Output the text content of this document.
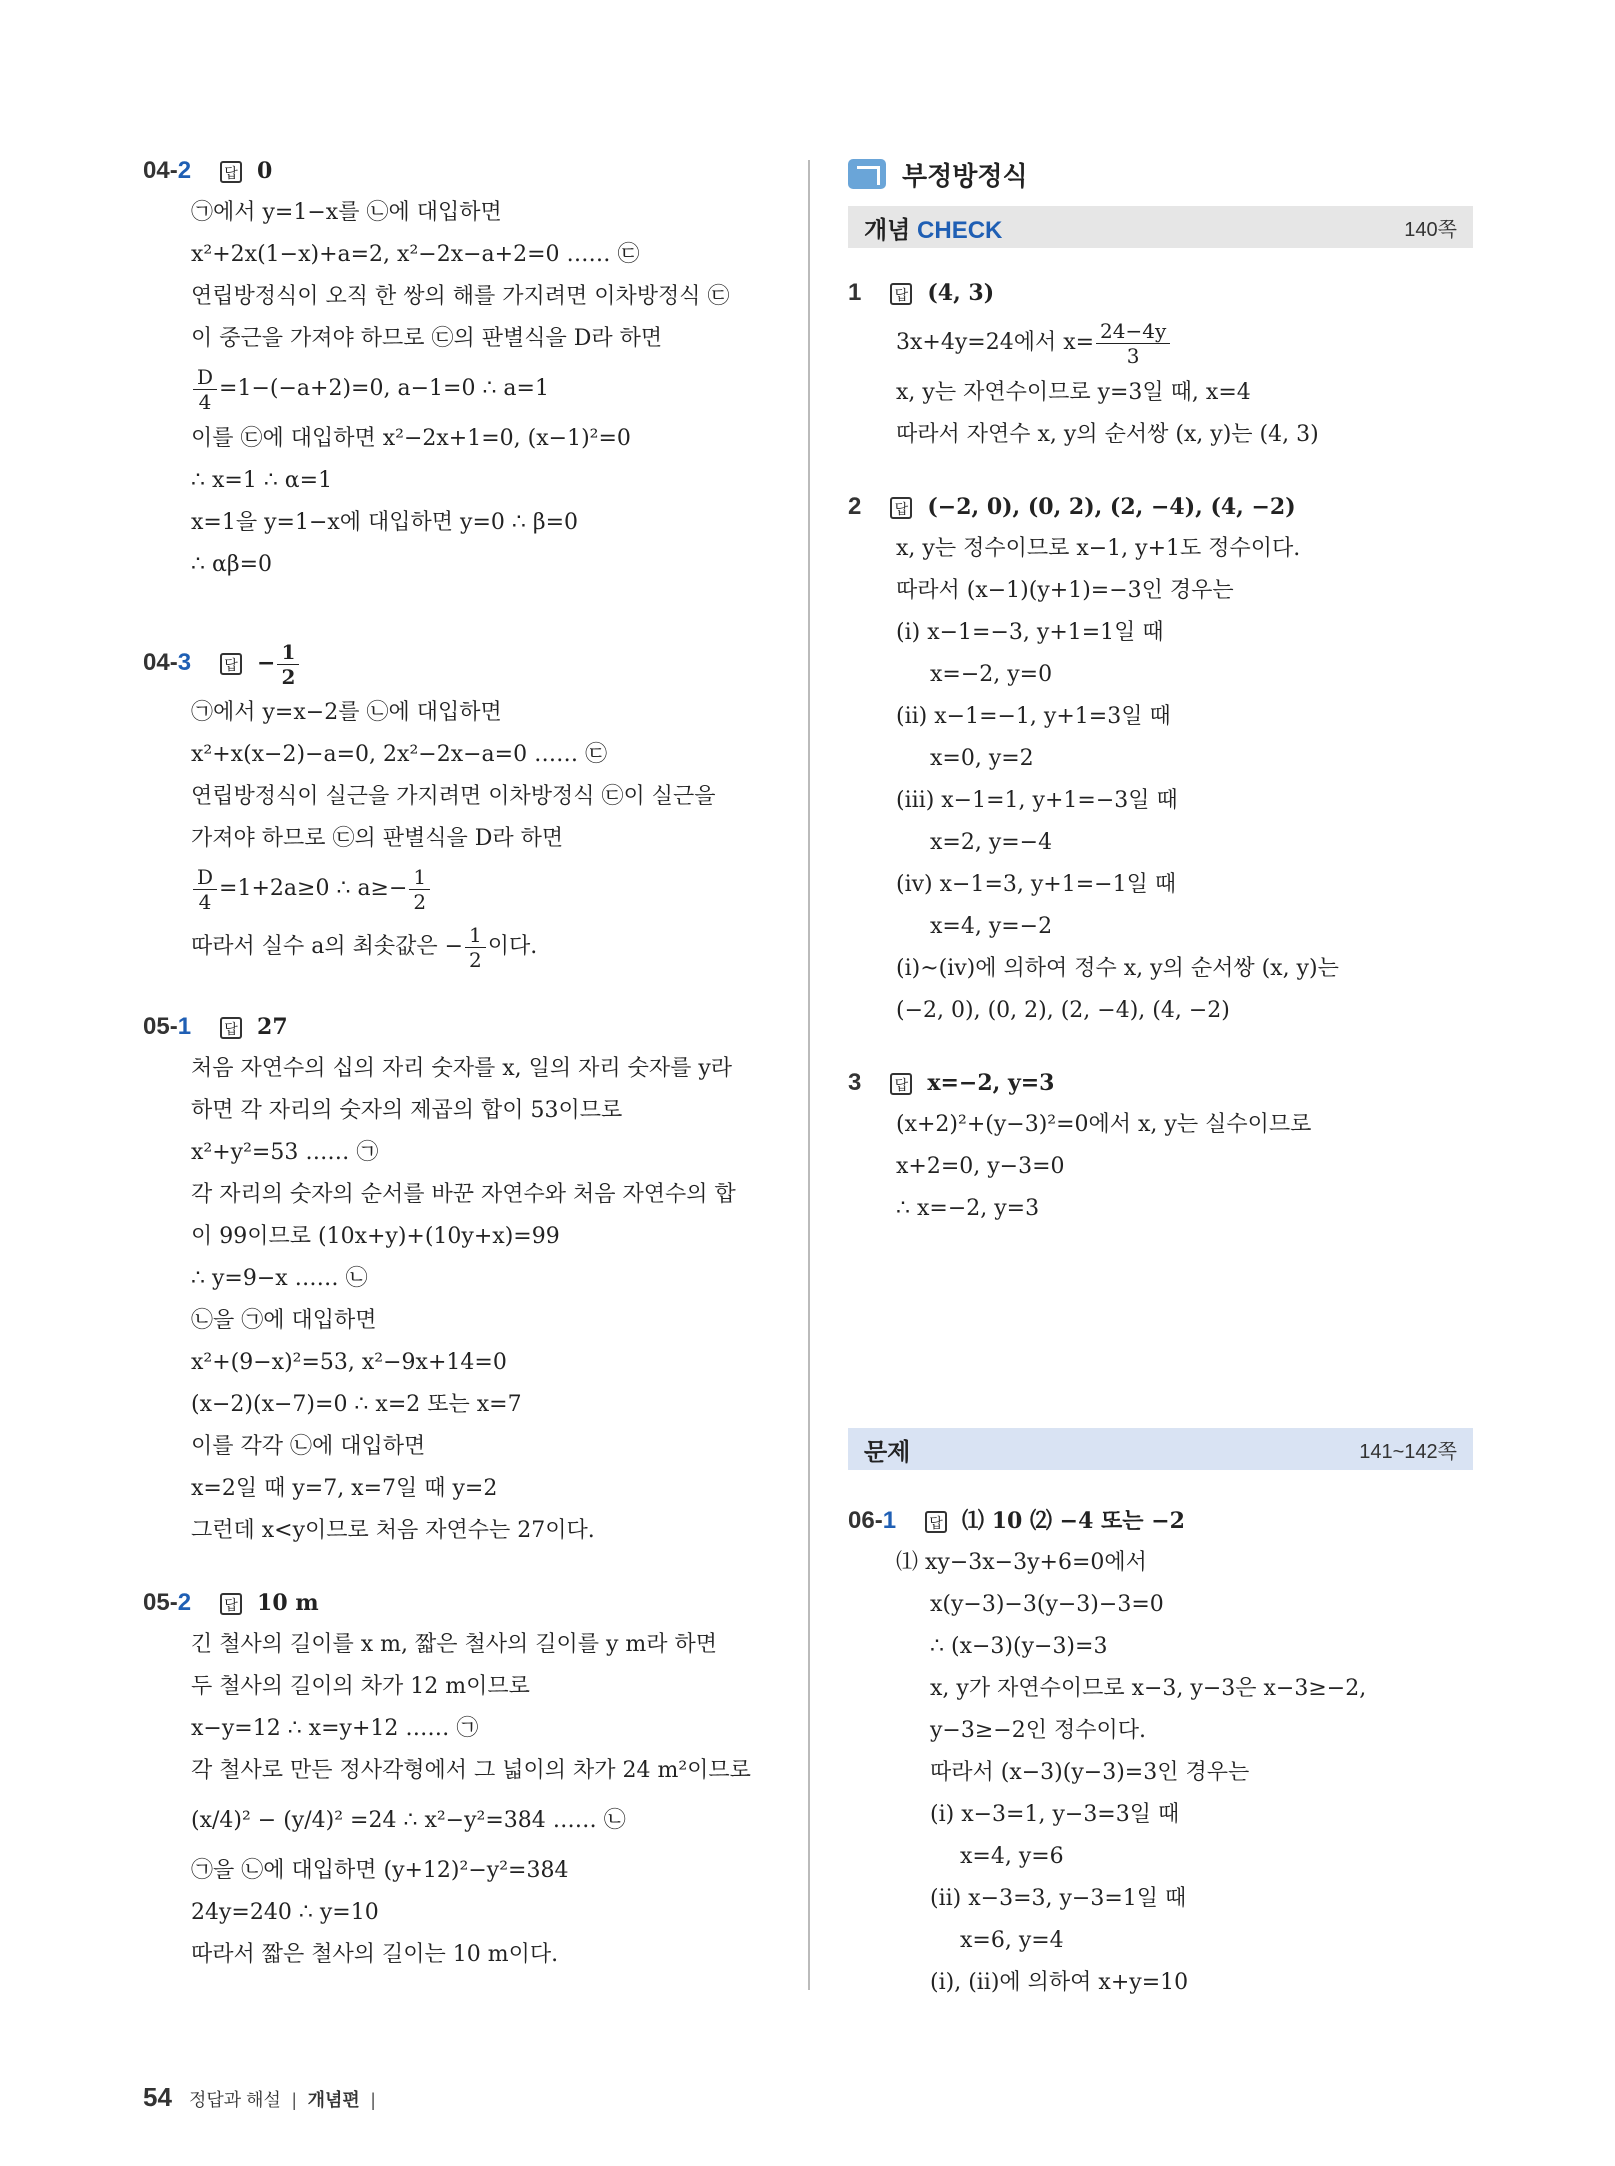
04-2 답 0
㉠에서 y=1−x를 ㉡에 대입하면
x²+2x(1−x)+a=2, x²−2x−a+2=0 …… ㉢
연립방정식이 오직 한 쌍의 해를 가지려면 이차방정식 ㉢
이 중근을 가져야 하므로 ㉢의 판별식을 D라 하면
$\frac{D}{4} =1-(-a+2)=0$, a−1=0 ∴ a=1
이를 ㉢에 대입하면 x²−2x+1=0, (x−1)²=0
∴ x=1 ∴ α=1
x=1을 y=1−x에 대입하면 y=0 ∴ β=0
∴ αβ=0
04-3 답 − $\frac{1}{2}$
㉠에서 y=x−2를 ㉡에 대입하면
x²+x(x−2)−a=0, 2x²−2x−a=0 …… ㉢
연립방정식이 실근을 가지려면 이차방정식 ㉢이 실근을
가져야 하므로 ㉢의 판별식을 D라 하면
$\frac{D}{4} =1+2a\ge 0$ ∴ $a\ge- \frac{1}{2}$
따라서 실수 a의 최솟값은 − $\frac{1}{2}$ 이다.
05-1 답 27
처음 자연수의 십의 자리 숫자를 x, 일의 자리 숫자를 y라
하면 각 자리의 숫자의 제곱의 합이 53이므로
x²+y²=53 …… ㉠
각 자리의 숫자의 순서를 바꾼 자연수와 처음 자연수의 합
이 99이므로 (10x+y)+(10y+x)=99
∴ y=9−x …… ㉡
㉡을 ㉠에 대입하면
x²+(9−x)²=53, x²−9x+14=0
(x−2)(x−7)=0 ∴ x=2 또는 x=7
이를 각각 ㉡에 대입하면
x=2일 때 y=7, x=7일 때 y=2
그런데 x<y이므로 처음 자연수는 27이다.
05-2 답 10 m
긴 철사의 길이를 x m, 짧은 철사의 길이를 y m라 하면
두 철사의 길이의 차가 12 m이므로
x−y=12 ∴ x=y+12 …… ㉠
각 철사로 만든 정사각형에서 그 넓이의 차가 24 m²이므로
(x/4)² − (y/4)² =24 ∴ x²−y²=384 …… ㉡
㉠을 ㉡에 대입하면 (y+12)²−y²=384
24y=240 ∴ y=10
따라서 짧은 철사의 길이는 10 m이다.
부정방정식
개념 CHECK	140쪽
1 답 (4, 3)
3x+4y=24에서 $x= \frac{24-4y}{3}$
x, y는 자연수이므로 y=3일 때, x=4
따라서 자연수 x, y의 순서쌍 (x, y)는 (4, 3)
2 답 (−2, 0), (0, 2), (2, −4), (4, −2)
x, y는 정수이므로 x−1, y+1도 정수이다.
따라서 (x−1)(y+1)=−3인 경우는
(ⅰ) x−1=−3, y+1=1일 때
x=−2, y=0
(ⅱ) x−1=−1, y+1=3일 때
x=0, y=2
(ⅲ) x−1=1, y+1=−3일 때
x=2, y=−4
(ⅳ) x−1=3, y+1=−1일 때
x=4, y=−2
(ⅰ)~(ⅳ)에 의하여 정수 x, y의 순서쌍 (x, y)는
(−2, 0), (0, 2), (2, −4), (4, −2)
3 답 x=−2, y=3
(x+2)²+(y−3)²=0에서 x, y는 실수이므로
x+2=0, y−3=0
∴ x=−2, y=3
문제	141~142쪽
06-1 답 ⑴ 10 ⑵ −4 또는 −2
⑴ xy−3x−3y+6=0에서
x(y−3)−3(y−3)−3=0
∴ (x−3)(y−3)=3
x, y가 자연수이므로 x−3, y−3은 x−3≥−2,
y−3≥−2인 정수이다.
따라서 (x−3)(y−3)=3인 경우는
(ⅰ) x−3=1, y−3=3일 때
x=4, y=6
(ⅱ) x−3=3, y−3=1일 때
x=6, y=4
(ⅰ), (ⅱ)에 의하여 x+y=10
54 정답과 해설 | 개념편 |
